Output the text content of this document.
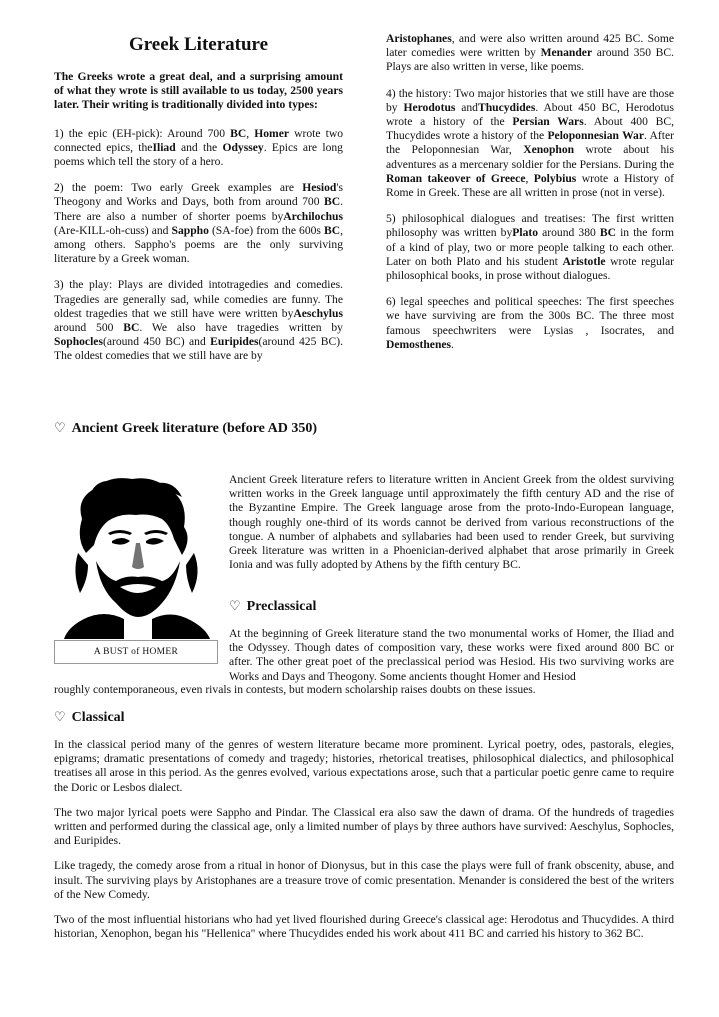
Greek Literature

The Greeks wrote a great deal, and a surprising amount of what they wrote is still available to us today, 2500 years later. Their writing is traditionally divided into types:

1) the epic (EH-pick): Around 700 BC, Homer wrote two connected epics, theIliad and the Odyssey. Epics are long poems which tell the story of a hero.

2) the poem: Two early Greek examples are Hesiod's Theogony and Works and Days, both from around 700 BC. There are also a number of shorter poems byArchilochus (Are-KILL-oh-cuss) and Sappho (SA-foe) from the 600s BC, among others. Sappho's poems are the only surviving literature by a Greek woman.

3) the play: Plays are divided intotragedies and comedies. Tragedies are generally sad, while comedies are funny. The oldest tragedies that we still have were written byAeschylus around 500 BC. We also have tragedies written by Sophocles(around 450 BC) and Euripides(around 425 BC). The oldest comedies that we still have are by

Aristophanes, and were also written around 425 BC. Some later comedies were written by Menander around 350 BC. Plays are also written in verse, like poems.

4) the history: Two major histories that we still have are those by Herodotus andThucydides. About 450 BC, Herodotus wrote a history of the Persian Wars. About 400 BC, Thucydides wrote a history of the Peloponnesian War. After the Peloponnesian War, Xenophon wrote about his adventures as a mercenary soldier for the Persians. During the Roman takeover of Greece, Polybius wrote a History of Rome in Greek. These are all written in prose (not in verse).

5) philosophical dialogues and treatises: The first written philosophy was written byPlato around 380 BC in the form of a kind of play, two or more people talking to each other. Later on both Plato and his student Aristotle wrote regular philosophical books, in prose without dialogues.

6) legal speeches and political speeches: The first speeches we have surviving are from the 300s BC. The three most famous speechwriters were Lysias , Isocrates, and Demosthenes.

♡ Ancient Greek literature (before AD 350)
A BUST of HOMER
Ancient Greek literature refers to literature written in Ancient Greek from the oldest surviving written works in the Greek language until approximately the fifth century AD and the rise of the Byzantine Empire. The Greek language arose from the proto-Indo-European language, though roughly one-third of its words cannot be derived from various reconstructions of the tongue. A number of alphabets and syllabaries had been used to render Greek, but surviving Greek literature was written in a Phoenician-derived alphabet that arose primarily in Greek Ionia and was fully adopted by Athens by the fifth century BC.
♡ Preclassical
At the beginning of Greek literature stand the two monumental works of Homer, the Iliad and the Odyssey. Though dates of composition vary, these works were fixed around 800 BC or after. The other great poet of the preclassical period was Hesiod. His two surviving works are Works and Days and Theogony. Some ancients thought Homer and Hesiod
roughly contemporaneous, even rivals in contests, but modern scholarship raises doubts on these issues.
♡ Classical

In the classical period many of the genres of western literature became more prominent. Lyrical poetry, odes, pastorals, elegies, epigrams; dramatic presentations of comedy and tragedy; histories, rhetorical treatises, philosophical dialectics, and philosophical treatises all arose in this period. As the genres evolved, various expectations arose, such that a particular poetic genre came to require the Doric or Lesbos dialect.

The two major lyrical poets were Sappho and Pindar. The Classical era also saw the dawn of drama. Of the hundreds of tragedies written and performed during the classical age, only a limited number of plays by three authors have survived: Aeschylus, Sophocles, and Euripides.

Like tragedy, the comedy arose from a ritual in honor of Dionysus, but in this case the plays were full of frank obscenity, abuse, and insult. The surviving plays by Aristophanes are a treasure trove of comic presentation. Menander is considered the best of the writers of the New Comedy.

Two of the most influential historians who had yet lived flourished during Greece's classical age: Herodotus and Thucydides. A third historian, Xenophon, began his "Hellenica" where Thucydides ended his work about 411 BC and carried his history to 362 BC.
